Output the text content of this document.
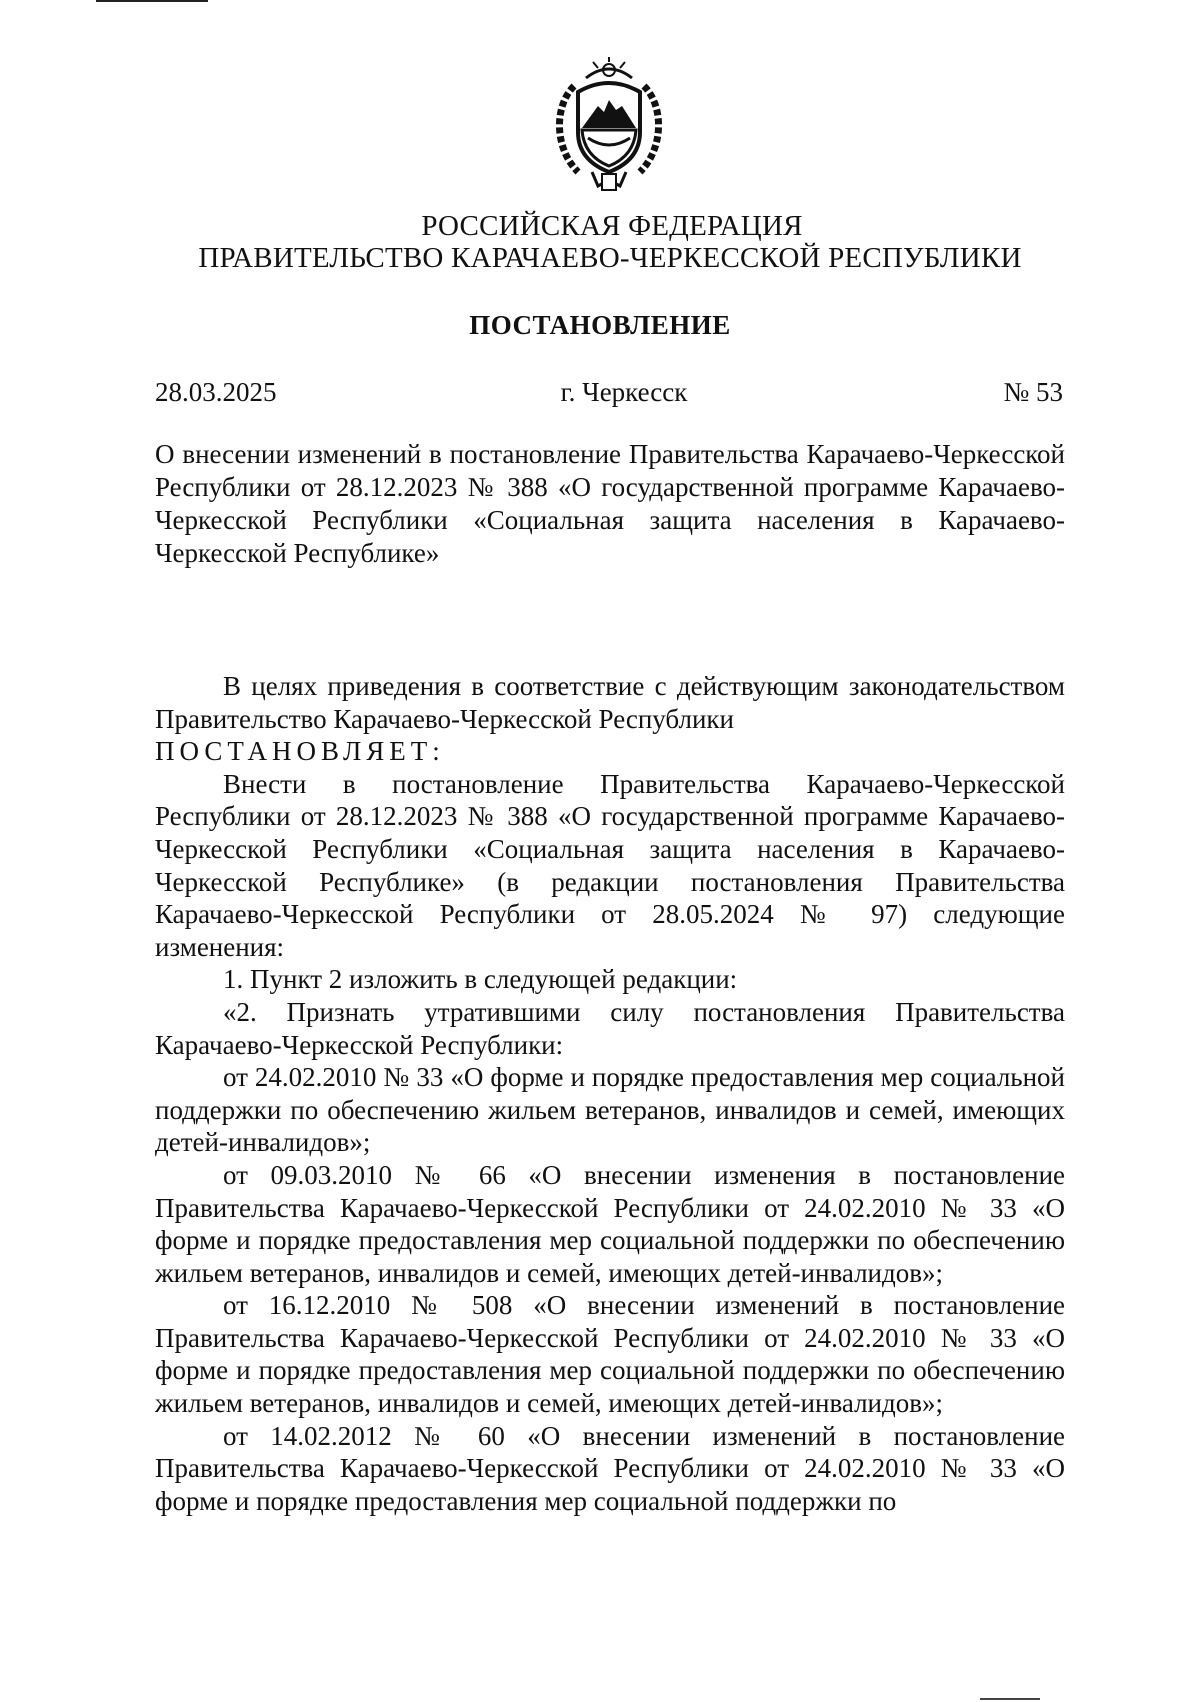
РОССИЙСКАЯ ФЕДЕРАЦИЯ
ПРАВИТЕЛЬСТВО КАРАЧАЕВО-ЧЕРКЕССКОЙ РЕСПУБЛИКИ
ПОСТАНОВЛЕНИЕ
28.03.2025	г. Черкесск	№ 53
О внесении изменений в постановление Правительства Карачаево-Черкесской Республики от 28.12.2023 № 388 «О государственной программе Карачаево-Черкесской Республики «Социальная защита населения в Карачаево-Черкесской Республике»

В целях приведения в соответствие с действующим законодательством Правительство Карачаево-Черкесской Республики

ПОСТАНОВЛЯЕТ:

Внести в постановление Правительства Карачаево-Черкесской Республики от 28.12.2023 № 388 «О государственной программе Карачаево-Черкесской Республики «Социальная защита населения в Карачаево-Черкесской Республике» (в редакции постановления Правительства Карачаево-Черкесской Республики от 28.05.2024 № 97) следующие изменения:

1. Пункт 2 изложить в следующей редакции:

«2. Признать утратившими силу постановления Правительства Карачаево-Черкесской Республики:

от 24.02.2010 № 33 «О форме и порядке предоставления мер социальной поддержки по обеспечению жильем ветеранов, инвалидов и семей, имеющих детей-инвалидов»;

от 09.03.2010 № 66 «О внесении изменения в постановление Правительства Карачаево-Черкесской Республики от 24.02.2010 № 33 «О форме и порядке предоставления мер социальной поддержки по обеспечению жильем ветеранов, инвалидов и семей, имеющих детей-инвалидов»;

от 16.12.2010 № 508 «О внесении изменений в постановление Правительства Карачаево-Черкесской Республики от 24.02.2010 № 33 «О форме и порядке предоставления мер социальной поддержки по обеспечению жильем ветеранов, инвалидов и семей, имеющих детей-инвалидов»;

от 14.02.2012 № 60 «О внесении изменений в постановление Правительства Карачаево-Черкесской Республики от 24.02.2010 № 33 «О форме и порядке предоставления мер социальной поддержки по
